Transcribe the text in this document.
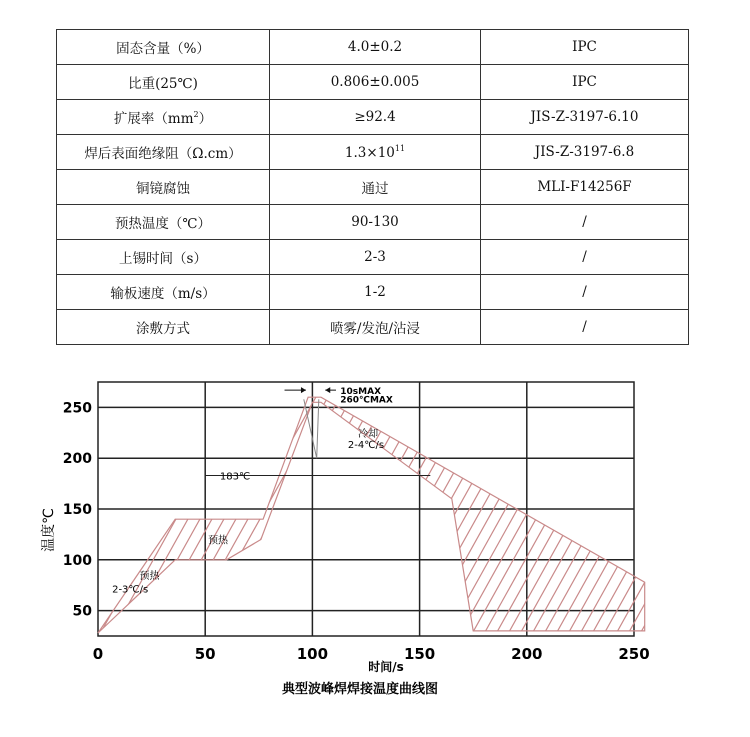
固态含量（%）	4.0±0.2	IPC
比重(25℃)	0.806±0.005	IPC
扩展率$(mm^2)$	≥92.4	JIS-Z-3197-6.10
焊后表面绝缘阻（Ω.cm）	$1.3\times 10^{11}$	JIS-Z-3197-6.8
铜镜腐蚀	通过	MLI-F14256F
预热温度（℃）	90-130	/
上锡时间（s）	2-3	/
输板速度（m/s）	1-2	/
涂敷方式	喷雾/发泡/沾浸	/
预热
2-3℃/s
预热
183℃
10sMAX
260℃MAX
冷却
2-4℃/s
0	50	100	150	200	250
50
100
150
200
250
时间/s
温度℃
典型波峰焊焊接温度曲线图
